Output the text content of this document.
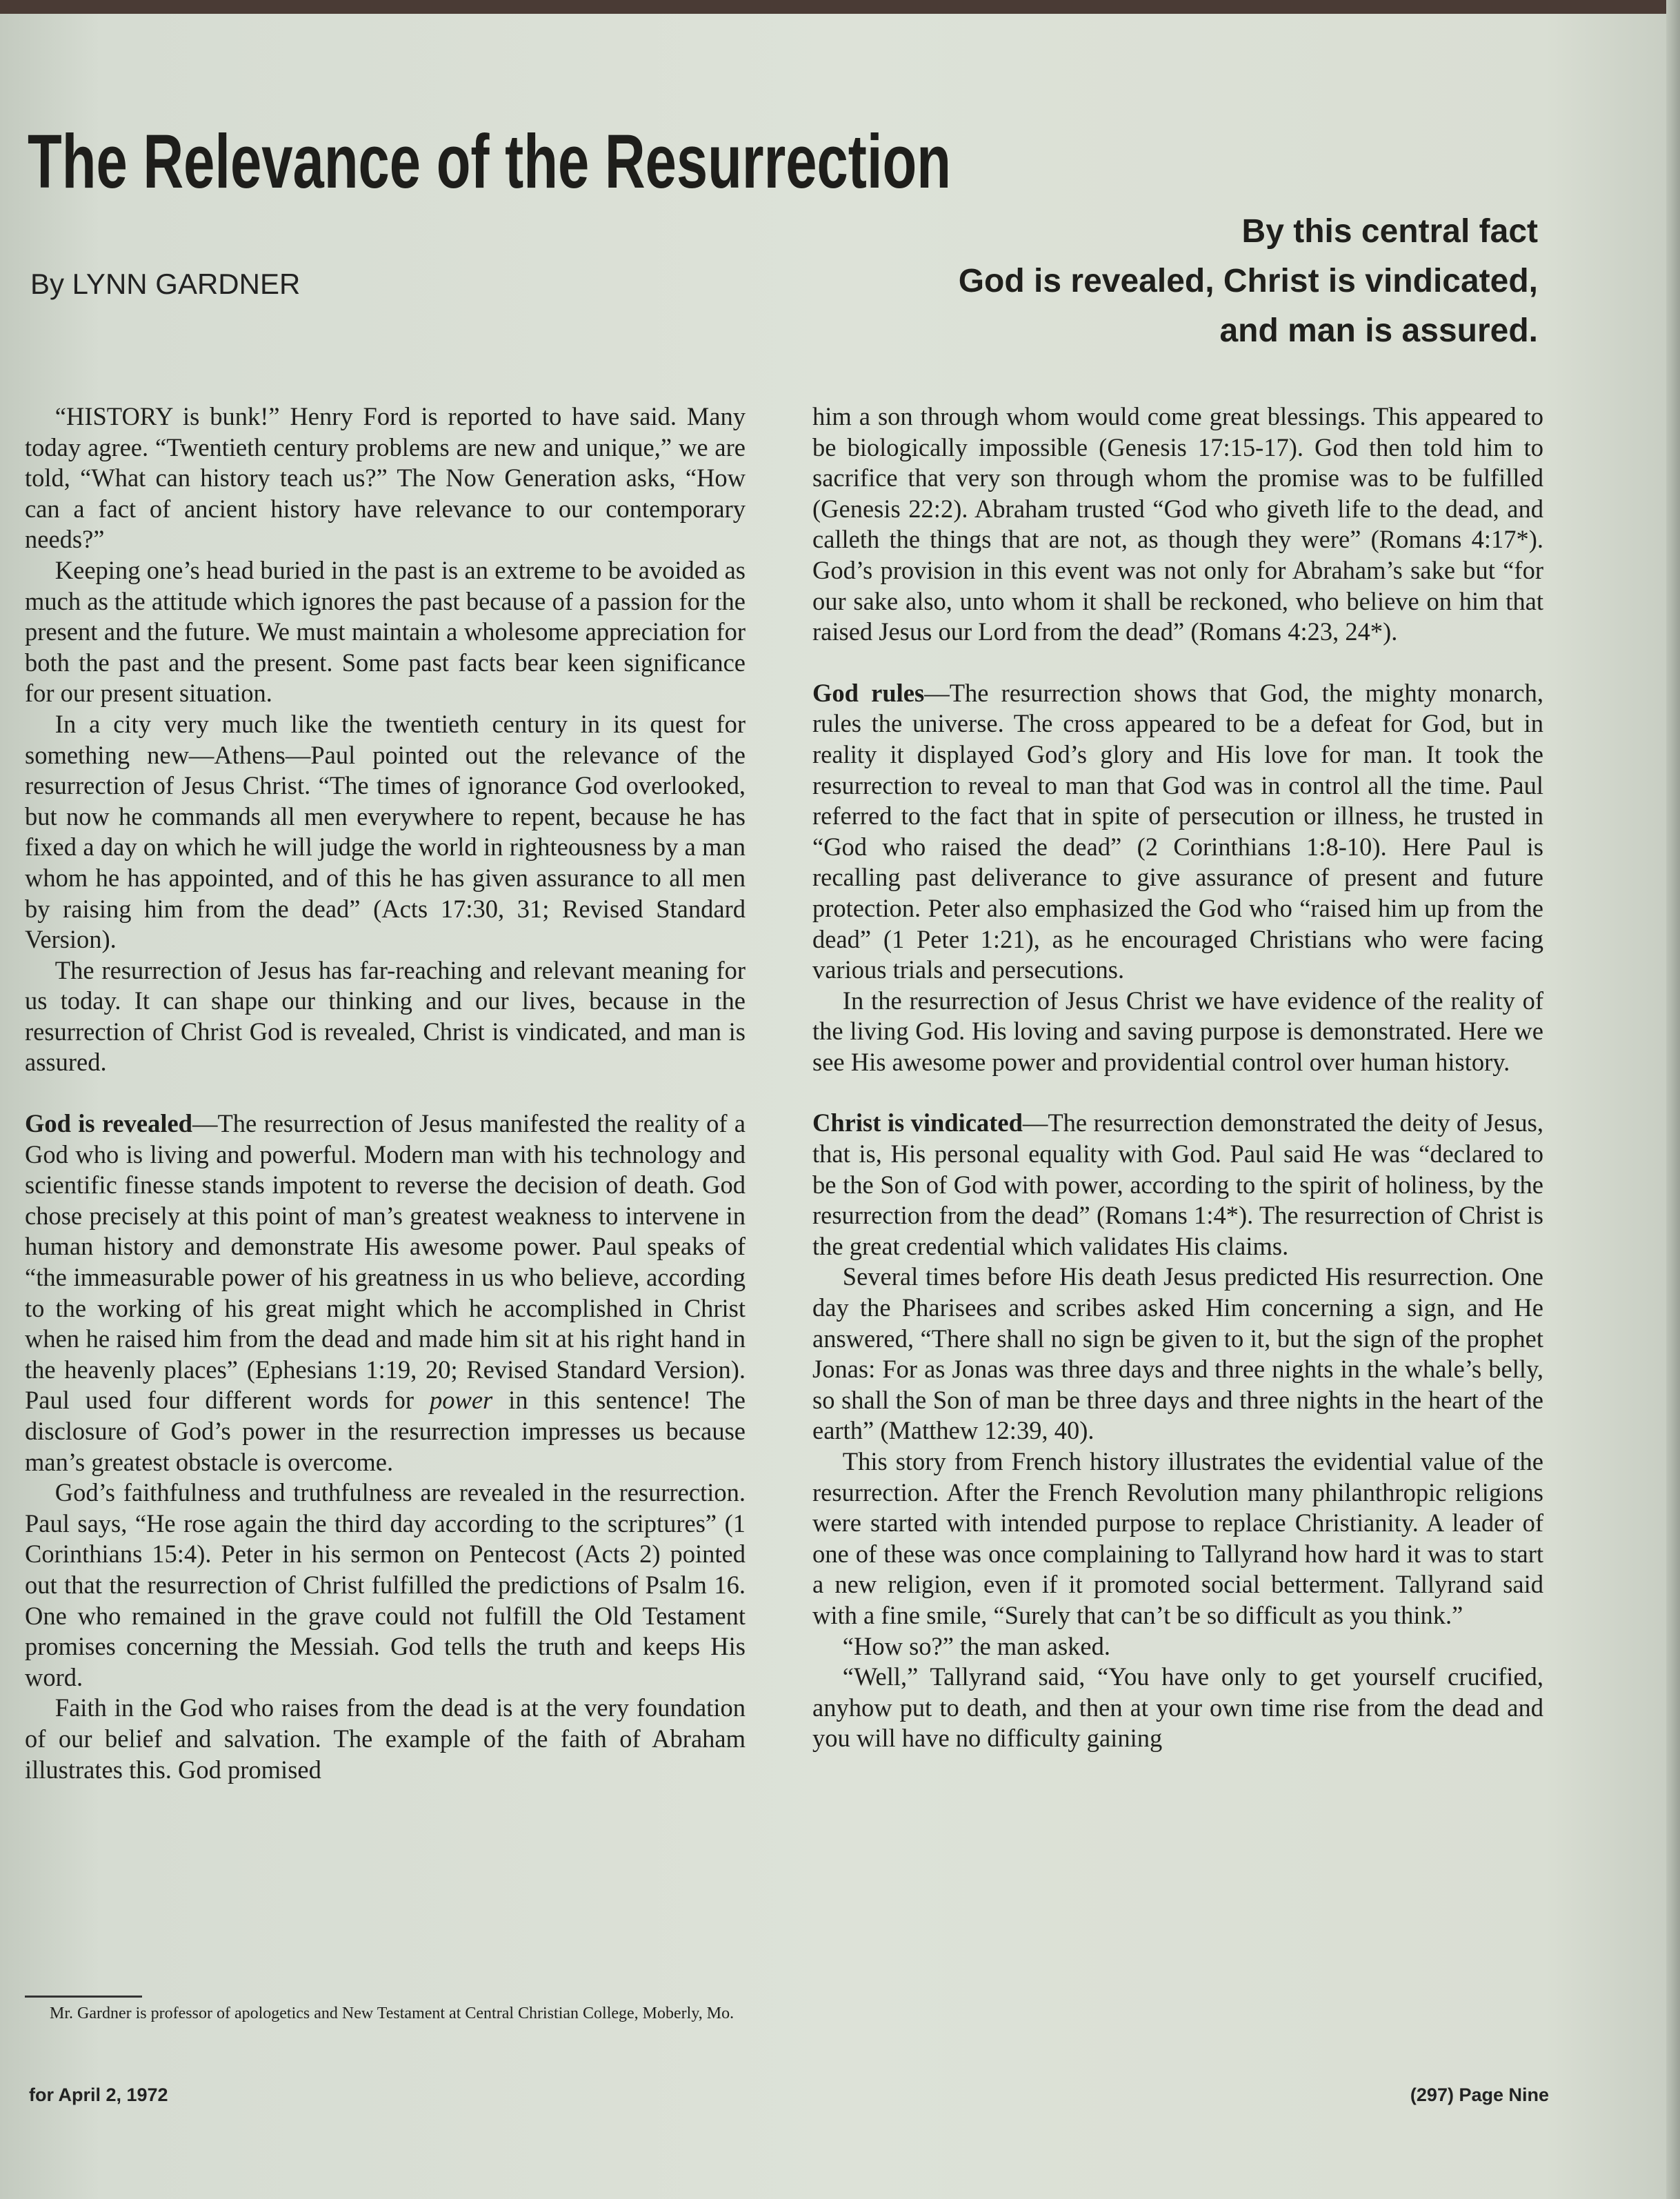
The Relevance of the Resurrection
By LYNN GARDNER
By this central fact
God is revealed, Christ is vindicated,
and man is assured.

“HISTORY is bunk!” Henry Ford is reported to have said. Many today agree. “Twentieth century problems are new and unique,” we are told, “What can history teach us?” The Now Generation asks, “How can a fact of ancient history have relevance to our contemporary needs?”

Keeping one’s head buried in the past is an extreme to be avoided as much as the attitude which ignores the past because of a passion for the present and the future. We must maintain a wholesome appreciation for both the past and the present. Some past facts bear keen significance for our present situation.

In a city very much like the twentieth century in its quest for something new—Athens—Paul pointed out the relevance of the resurrection of Jesus Christ. “The times of ignorance God overlooked, but now he commands all men everywhere to repent, because he has fixed a day on which he will judge the world in righteousness by a man whom he has appointed, and of this he has given assurance to all men by raising him from the dead” (Acts 17:30, 31; Revised Standard Version).

The resurrection of Jesus has far-reaching and relevant meaning for us today. It can shape our thinking and our lives, because in the resurrection of Christ God is revealed, Christ is vindicated, and man is assured.

God is revealed—The resurrection of Jesus manifested the reality of a God who is living and powerful. Modern man with his technology and scientific finesse stands impotent to reverse the decision of death. God chose precisely at this point of man’s greatest weakness to intervene in human history and demonstrate His awesome power. Paul speaks of “the immeasurable power of his greatness in us who believe, according to the working of his great might which he accomplished in Christ when he raised him from the dead and made him sit at his right hand in the heavenly places” (Ephesians 1:19, 20; Revised Standard Version). Paul used four different words for power in this sentence! The disclosure of God’s power in the resurrection impresses us because man’s greatest obstacle is overcome.

God’s faithfulness and truthfulness are revealed in the resurrection. Paul says, “He rose again the third day according to the scriptures” (1 Corinthians 15:4). Peter in his sermon on Pentecost (Acts 2) pointed out that the resurrection of Christ fulfilled the predictions of Psalm 16. One who remained in the grave could not fulfill the Old Testament promises concerning the Messiah. God tells the truth and keeps His word.

Faith in the God who raises from the dead is at the very foundation of our belief and salvation. The example of the faith of Abraham illustrates this. God promised

him a son through whom would come great blessings. This appeared to be biologically impossible (Genesis 17:15-17). God then told him to sacrifice that very son through whom the promise was to be fulfilled (Genesis 22:2). Abraham trusted “God who giveth life to the dead, and calleth the things that are not, as though they were” (Romans 4:17*). God’s provision in this event was not only for Abraham’s sake but “for our sake also, unto whom it shall be reckoned, who believe on him that raised Jesus our Lord from the dead” (Romans 4:23, 24*).

God rules—The resurrection shows that God, the mighty monarch, rules the universe. The cross appeared to be a defeat for God, but in reality it displayed God’s glory and His love for man. It took the resurrection to reveal to man that God was in control all the time. Paul referred to the fact that in spite of persecution or illness, he trusted in “God who raised the dead” (2 Corinthians 1:8-10). Here Paul is recalling past deliverance to give assurance of present and future protection. Peter also emphasized the God who “raised him up from the dead” (1 Peter 1:21), as he encouraged Christians who were facing various trials and persecutions.

In the resurrection of Jesus Christ we have evidence of the reality of the living God. His loving and saving purpose is demonstrated. Here we see His awesome power and providential control over human history.

Christ is vindicated—The resurrection demonstrated the deity of Jesus, that is, His personal equality with God. Paul said He was “declared to be the Son of God with power, according to the spirit of holiness, by the resurrection from the dead” (Romans 1:4*). The resurrection of Christ is the great credential which validates His claims.

Several times before His death Jesus predicted His resurrection. One day the Pharisees and scribes asked Him concerning a sign, and He answered, “There shall no sign be given to it, but the sign of the prophet Jonas: For as Jonas was three days and three nights in the whale’s belly, so shall the Son of man be three days and three nights in the heart of the earth” (Matthew 12:39, 40).

This story from French history illustrates the evidential value of the resurrection. After the French Revolution many philanthropic religions were started with intended purpose to replace Christianity. A leader of one of these was once complaining to Tallyrand how hard it was to start a new religion, even if it promoted social betterment. Tallyrand said with a fine smile, “Surely that can’t be so difficult as you think.”

“How so?” the man asked.

“Well,” Tallyrand said, “You have only to get yourself crucified, anyhow put to death, and then at your own time rise from the dead and you will have no difficulty gaining

Mr. Gardner is professor of apologetics and New Testament at Central Christian College, Moberly, Mo.
for April 2, 1972	(297) Page Nine
